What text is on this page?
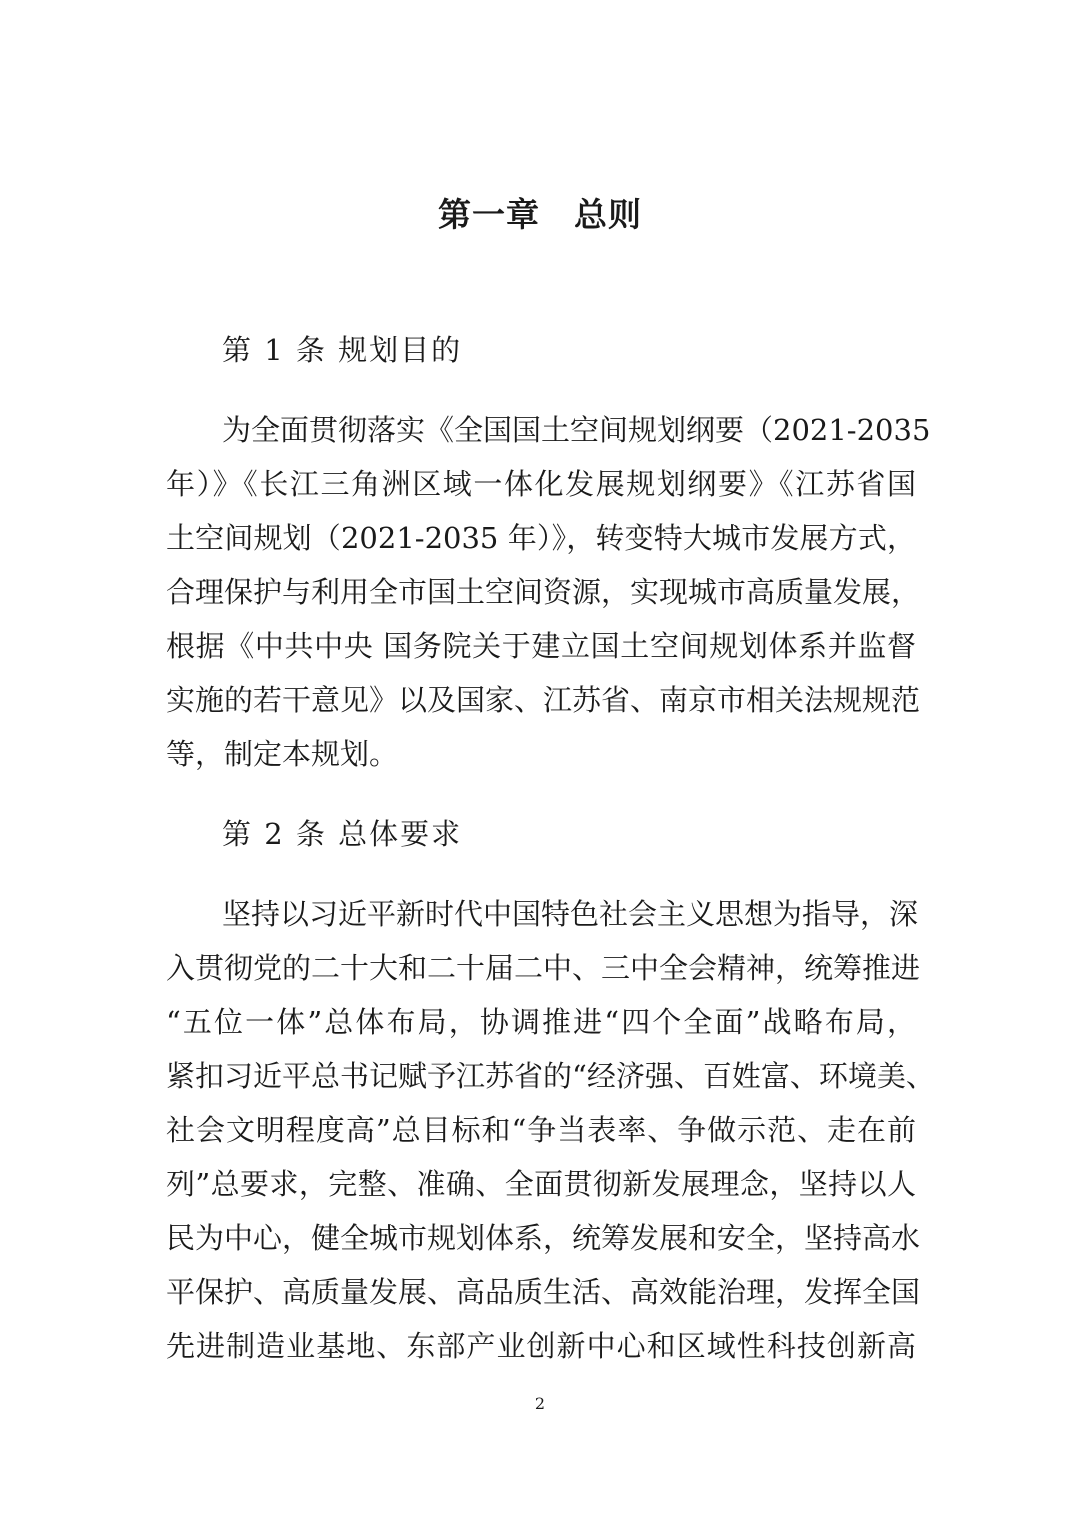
第一章 总则
第 1 条 规划目的
为全面贯彻落实《全国国土空间规划纲要（2021-2035
年）》《长江三角洲区域一体化发展规划纲要》《江苏省国
土空间规划（2021-2035 年）》，转变特大城市发展方式，
合理保护与利用全市国土空间资源，实现城市高质量发展，
根据《中共中央 国务院关于建立国土空间规划体系并监督
实施的若干意见》以及国家、江苏省、南京市相关法规规范
等，制定本规划。
第 2 条 总体要求
坚持以习近平新时代中国特色社会主义思想为指导，深
入贯彻党的二十大和二十届二中、三中全会精神，统筹推进
“五位一体”总体布局，协调推进“四个全面”战略布局，
紧扣习近平总书记赋予江苏省的“经济强、百姓富、环境美、
社会文明程度高”总目标和“争当表率、争做示范、走在前
列”总要求，完整、准确、全面贯彻新发展理念，坚持以人
民为中心，健全城市规划体系，统筹发展和安全，坚持高水
平保护、高质量发展、高品质生活、高效能治理，发挥全国
先进制造业基地、东部产业创新中心和区域性科技创新高
2
